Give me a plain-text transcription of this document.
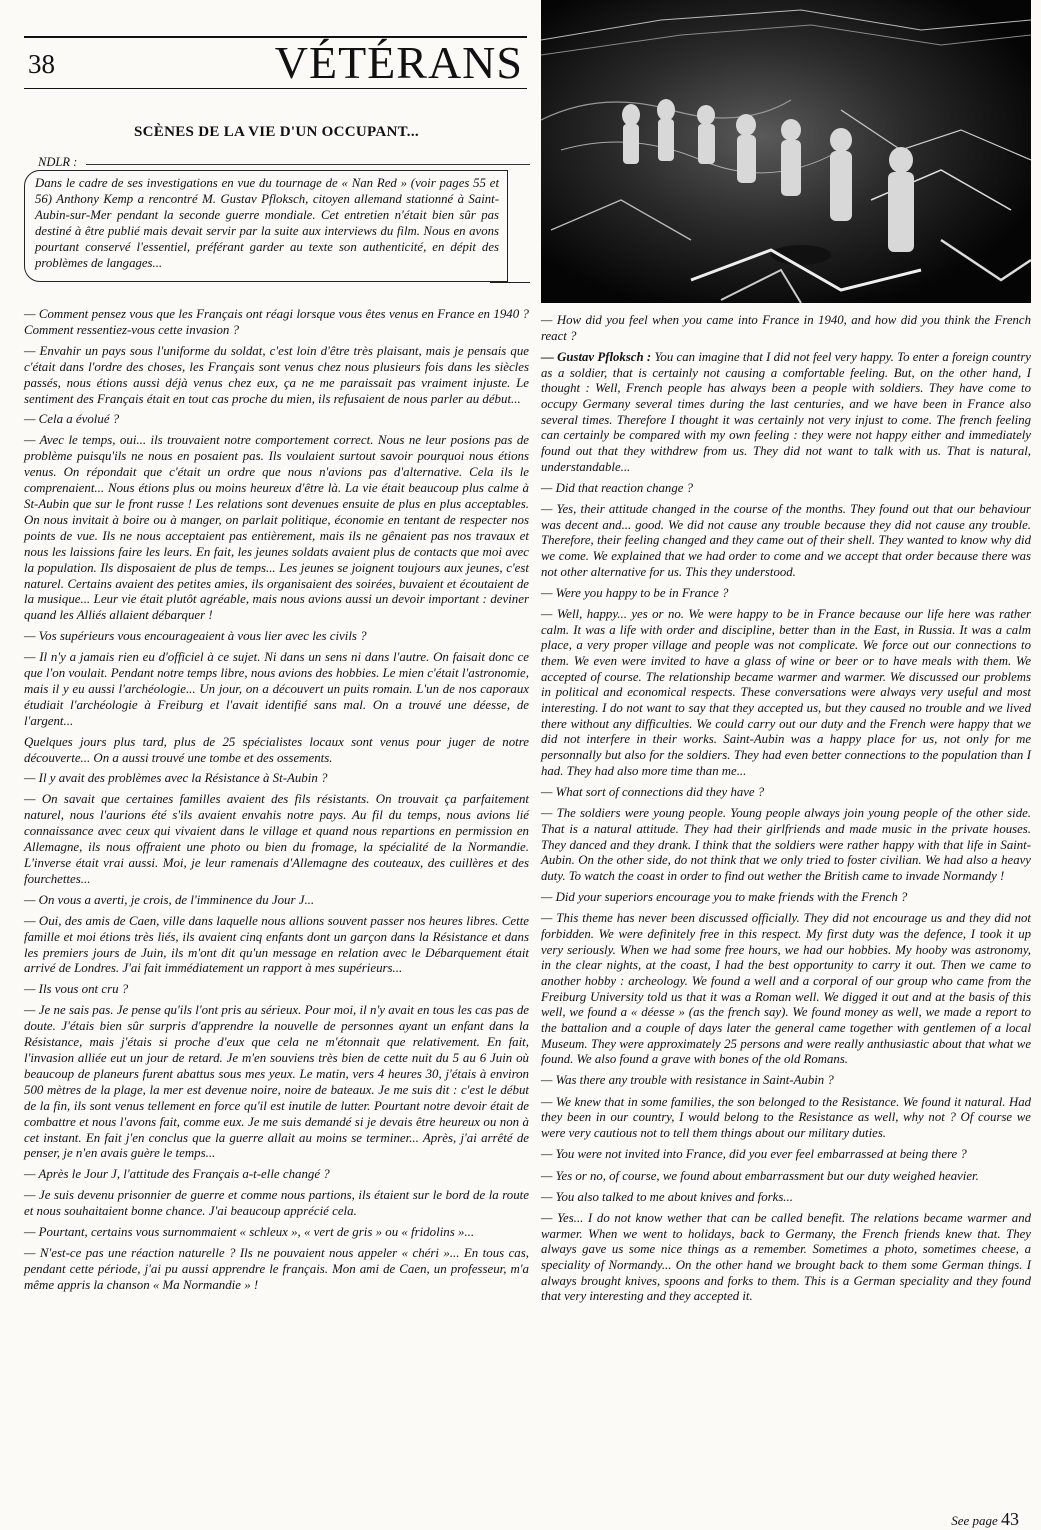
38	VÉTÉRANS
SCÈNES DE LA VIE D'UN OCCUPANT...
NDLR :

Dans le cadre de ses investigations en vue du tournage de « Nan Red » (voir pages 55 et 56) Anthony Kemp a rencontré M. Gustav Pfloksch, citoyen allemand stationné à Saint-Aubin-sur-Mer pendant la seconde guerre mondiale. Cet entretien n'était bien sûr pas destiné à être publié mais devait servir par la suite aux interviews du film. Nous en avons pourtant conservé l'essentiel, préférant garder au texte son authenticité, en dépit des problèmes de langages...

— Comment pensez vous que les Français ont réagi lorsque vous êtes venus en France en 1940 ? Comment ressentiez-vous cette invasion ?

— Envahir un pays sous l'uniforme du soldat, c'est loin d'être très plaisant, mais je pensais que c'était dans l'ordre des choses, les Français sont venus chez nous plusieurs fois dans les siècles passés, nous étions aussi déjà venus chez eux, ça ne me paraissait pas vraiment injuste. Le sentiment des Français était en tout cas proche du mien, ils refusaient de nous parler au début...

— Cela a évolué ?

— Avec le temps, oui... ils trouvaient notre comportement correct. Nous ne leur posions pas de problème puisqu'ils ne nous en posaient pas. Ils voulaient surtout savoir pourquoi nous étions venus. On répondait que c'était un ordre que nous n'avions pas d'alternative. Cela ils le comprenaient... Nous étions plus ou moins heureux d'être là. La vie était beaucoup plus calme à St-Aubin que sur le front russe ! Les relations sont devenues ensuite de plus en plus acceptables. On nous invitait à boire ou à manger, on parlait politique, économie en tentant de respecter nos points de vue. Ils ne nous acceptaient pas entièrement, mais ils ne gênaient pas nos travaux et nous les laissions faire les leurs. En fait, les jeunes soldats avaient plus de contacts que moi avec la population. Ils disposaient de plus de temps... Les jeunes se joignent toujours aux jeunes, c'est naturel. Certains avaient des petites amies, ils organisaient des soirées, buvaient et écoutaient de la musique... Leur vie était plutôt agréable, mais nous avions aussi un devoir important : deviner quand les Alliés allaient débarquer !

— Vos supérieurs vous encourageaient à vous lier avec les civils ?

— Il n'y a jamais rien eu d'officiel à ce sujet. Ni dans un sens ni dans l'autre. On faisait donc ce que l'on voulait. Pendant notre temps libre, nous avions des hobbies. Le mien c'était l'astronomie, mais il y eu aussi l'archéologie... Un jour, on a découvert un puits romain. L'un de nos caporaux étudiait l'archéologie à Freiburg et l'avait identifié sans mal. On a trouvé une déesse, de l'argent...

Quelques jours plus tard, plus de 25 spécialistes locaux sont venus pour juger de notre découverte... On a aussi trouvé une tombe et des ossements.

— Il y avait des problèmes avec la Résistance à St-Aubin ?

— On savait que certaines familles avaient des fils résistants. On trouvait ça parfaitement naturel, nous l'aurions été s'ils avaient envahis notre pays. Au fil du temps, nous avions lié connaissance avec ceux qui vivaient dans le village et quand nous repartions en permission en Allemagne, ils nous offraient une photo ou bien du fromage, la spécialité de la Normandie. L'inverse était vrai aussi. Moi, je leur ramenais d'Allemagne des couteaux, des cuillères et des fourchettes...

— On vous a averti, je crois, de l'imminence du Jour J...

— Oui, des amis de Caen, ville dans laquelle nous allions souvent passer nos heures libres. Cette famille et moi étions très liés, ils avaient cinq enfants dont un garçon dans la Résistance et dans les premiers jours de Juin, ils m'ont dit qu'un message en relation avec le Débarquement était arrivé de Londres. J'ai fait immédiatement un rapport à mes supérieurs...

— Ils vous ont cru ?

— Je ne sais pas. Je pense qu'ils l'ont pris au sérieux. Pour moi, il n'y avait en tous les cas pas de doute. J'étais bien sûr surpris d'apprendre la nouvelle de personnes ayant un enfant dans la Résistance, mais j'étais si proche d'eux que cela ne m'étonnait que relativement. En fait, l'invasion alliée eut un jour de retard. Je m'en souviens très bien de cette nuit du 5 au 6 Juin où beaucoup de planeurs furent abattus sous mes yeux. Le matin, vers 4 heures 30, j'étais à environ 500 mètres de la plage, la mer est devenue noire, noire de bateaux. Je me suis dit : c'est le début de la fin, ils sont venus tellement en force qu'il est inutile de lutter. Pourtant notre devoir était de combattre et nous l'avons fait, comme eux. Je me suis demandé si je devais être heureux ou non à cet instant. En fait j'en conclus que la guerre allait au moins se terminer... Après, j'ai arrêté de penser, je n'en avais guère le temps...

— Après le Jour J, l'attitude des Français a-t-elle changé ?

— Je suis devenu prisonnier de guerre et comme nous partions, ils étaient sur le bord de la route et nous souhaitaient bonne chance. J'ai beaucoup apprécié cela.

— Pourtant, certains vous surnommaient « schleux », « vert de gris » ou « fridolins »...

— N'est-ce pas une réaction naturelle ? Ils ne pouvaient nous appeler « chéri »... En tous cas, pendant cette période, j'ai pu aussi apprendre le français. Mon ami de Caen, un professeur, m'a même appris la chanson « Ma Normandie » !

— How did you feel when you came into France in 1940, and how did you think the French react ?

— Gustav Pfloksch : You can imagine that I did not feel very happy. To enter a foreign country as a soldier, that is certainly not causing a comfortable feeling. But, on the other hand, I thought : Well, French people has always been a people with soldiers. They have come to occupy Germany several times during the last centuries, and we have been in France also several times. Therefore I thought it was certainly not very injust to come. The french feeling can certainly be compared with my own feeling : they were not happy either and immediately found out that they withdrew from us. They did not want to talk with us. That is natural, understandable...

— Did that reaction change ?

— Yes, their attitude changed in the course of the months. They found out that our behaviour was decent and... good. We did not cause any trouble because they did not cause any trouble. Therefore, their feeling changed and they came out of their shell. They wanted to know why did we come. We explained that we had order to come and we accept that order because there was not other alternative for us. This they understood.

— Were you happy to be in France ?

— Well, happy... yes or no. We were happy to be in France because our life here was rather calm. It was a life with order and discipline, better than in the East, in Russia. It was a calm place, a very proper village and people was not complicate. We force out our connections to them. We even were invited to have a glass of wine or beer or to have meals with them. We accepted of course. The relationship became warmer and warmer. We discussed our problems in political and economical respects. These conversations were always very useful and most interesting. I do not want to say that they accepted us, but they caused no trouble and we lived there without any difficulties. We could carry out our duty and the French were happy that we did not interfere in their works. Saint-Aubin was a happy place for us, not only for me personnally but also for the soldiers. They had even better connections to the population than I had. They had also more time than me...

— What sort of connections did they have ?

— The soldiers were young people. Young people always join young people of the other side. That is a natural attitude. They had their girlfriends and made music in the private houses. They danced and they drank. I think that the soldiers were rather happy with that life in Saint-Aubin. On the other side, do not think that we only tried to foster civilian. We had also a heavy duty. To watch the coast in order to find out wether the British came to invade Normandy !

— Did your superiors encourage you to make friends with the French ?

— This theme has never been discussed officially. They did not encourage us and they did not forbidden. We were definitely free in this respect. My first duty was the defence, I took it up very seriously. When we had some free hours, we had our hobbies. My hooby was astronomy, in the clear nights, at the coast, I had the best opportunity to carry it out. Then we came to another hobby : archeology. We found a well and a corporal of our group who came from the Freiburg University told us that it was a Roman well. We digged it out and at the basis of this well, we found a « déesse » (as the french say). We found money as well, we made a report to the battalion and a couple of days later the general came together with gentlemen of a local Museum. They were approximately 25 persons and were really anthusiastic about that what we found. We also found a grave with bones of the old Romans.

— Was there any trouble with resistance in Saint-Aubin ?

— We knew that in some families, the son belonged to the Resistance. We found it natural. Had they been in our country, I would belong to the Resistance as well, why not ? Of course we were very cautious not to tell them things about our military duties.

— You were not invited into France, did you ever feel embarrassed at being there ?

— Yes or no, of course, we found about embarrassment but our duty weighed heavier.

— You also talked to me about knives and forks...

— Yes... I do not know wether that can be called benefit. The relations became warmer and warmer. When we went to holidays, back to Germany, the French friends knew that. They always gave us some nice things as a remember. Sometimes a photo, sometimes cheese, a speciality of Normandy... On the other hand we brought back to them some German things. I always brought knives, spoons and forks to them. This is a German speciality and they found that very interesting and they accepted it.

See page 43
